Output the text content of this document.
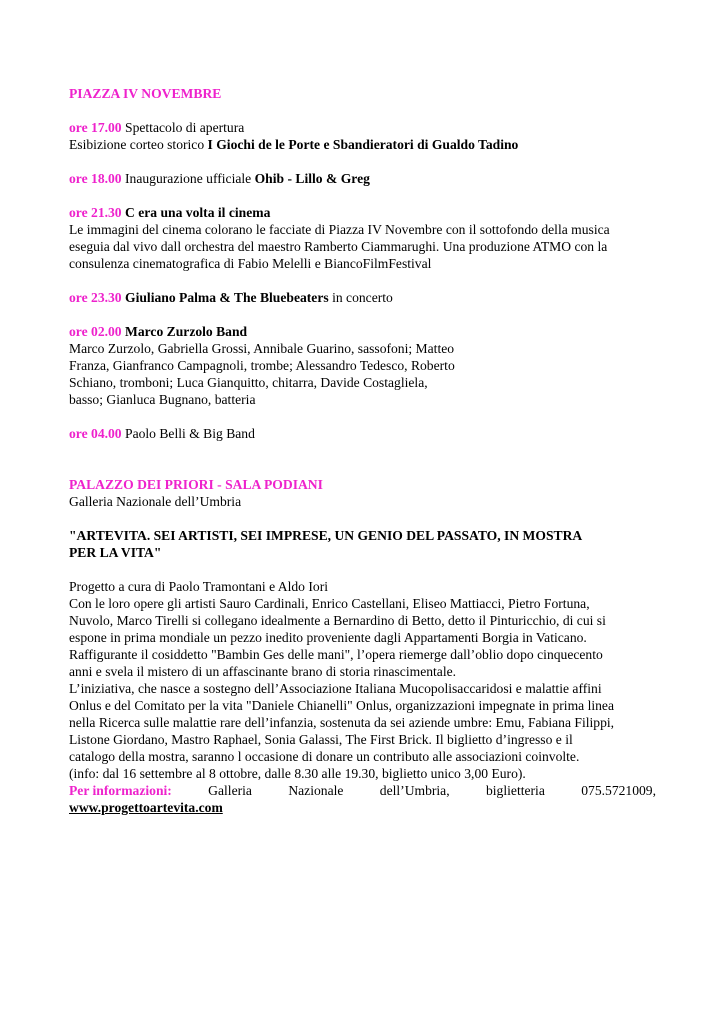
PIAZZA IV NOVEMBRE

ore 17.00 Spettacolo di apertura

Esibizione corteo storico I Giochi de le Porte e Sbandieratori di Gualdo Tadino

ore 18.00 Inaugurazione ufficiale Ohib - Lillo & Greg

ore 21.30 C era una volta il cinema

Le immagini del cinema colorano le facciate di Piazza IV Novembre con il sottofondo della musica

eseguia dal vivo dall orchestra del maestro Ramberto Ciammarughi. Una produzione ATMO con la

consulenza cinematografica di Fabio Melelli e BiancoFilmFestival

ore 23.30 Giuliano Palma & The Bluebeaters in concerto

ore 02.00 Marco Zurzolo Band

Marco Zurzolo, Gabriella Grossi, Annibale Guarino, sassofoni; Matteo

Franza, Gianfranco Campagnoli, trombe; Alessandro Tedesco, Roberto

Schiano, tromboni; Luca Gianquitto, chitarra, Davide Costagliela,

basso; Gianluca Bugnano, batteria

ore 04.00 Paolo Belli & Big Band

PALAZZO DEI PRIORI - SALA PODIANI

Galleria Nazionale dell’Umbria

"ARTEVITA. SEI ARTISTI, SEI IMPRESE, UN GENIO DEL PASSATO, IN MOSTRA

PER LA VITA"

Progetto a cura di Paolo Tramontani e Aldo Iori

Con le loro opere gli artisti Sauro Cardinali, Enrico Castellani, Eliseo Mattiacci, Pietro Fortuna,

Nuvolo, Marco Tirelli si collegano idealmente a Bernardino di Betto, detto il Pinturicchio, di cui si

espone in prima mondiale un pezzo inedito proveniente dagli Appartamenti Borgia in Vaticano.

Raffigurante il cosiddetto "Bambin Ges delle mani", l’opera riemerge dall’oblio dopo cinquecento

anni e svela il mistero di un affascinante brano di storia rinascimentale.

L’iniziativa, che nasce a sostegno dell’Associazione Italiana Mucopolisaccaridosi e malattie affini

Onlus e del Comitato per la vita "Daniele Chianelli" Onlus, organizzazioni impegnate in prima linea

nella Ricerca sulle malattie rare dell’infanzia, sostenuta da sei aziende umbre: Emu, Fabiana Filippi,

Listone Giordano, Mastro Raphael, Sonia Galassi, The First Brick. Il biglietto d’ingresso e il

catalogo della mostra, saranno l occasione di donare un contributo alle associazioni coinvolte.

(info: dal 16 settembre al 8 ottobre, dalle 8.30 alle 19.30, biglietto unico 3,00 Euro).

Per informazioni:	Galleria	Nazionale	dell’Umbria,	biglietteria	075.5721009,

www.progettoartevita.com
